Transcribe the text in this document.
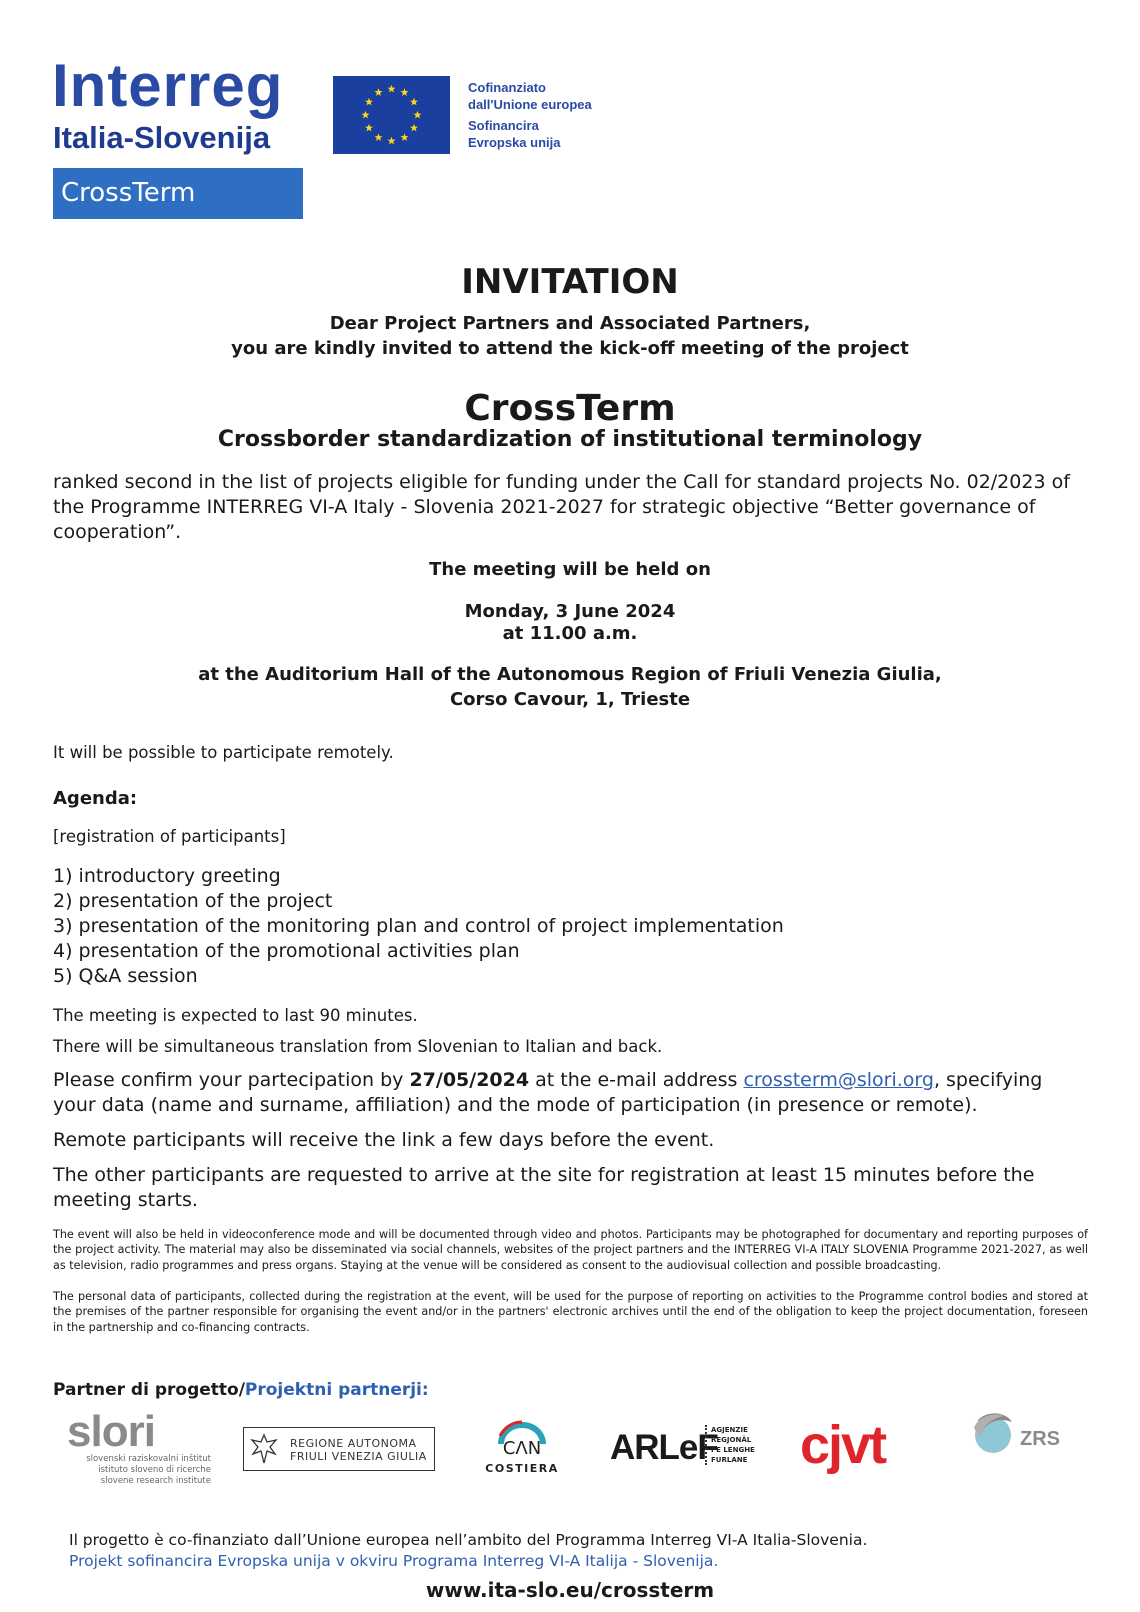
Interreg
Italia-Slovenija
CrossTerm
Cofinanziato
dall'Unione europea
Sofinancira
Evropska unija
INVITATION
Dear Project Partners and Associated Partners,
you are kindly invited to attend the kick-off meeting of the project
CrossTerm
Crossborder standardization of institutional terminology
ranked second in the list of projects eligible for funding under the Call for standard projects No. 02/2023 of the Programme INTERREG VI-A Italy - Slovenia 2021-2027 for strategic objective “Better governance of cooperation”.
The meeting will be held on
Monday, 3 June 2024
at 11.00 a.m.
at the Auditorium Hall of the Autonomous Region of Friuli Venezia Giulia,
Corso Cavour, 1, Trieste
It will be possible to participate remotely.
Agenda:
[registration of participants]
1) introductory greeting
2) presentation of the project
3) presentation of the monitoring plan and control of project implementation
4) presentation of the promotional activities plan
5) Q&A session
The meeting is expected to last 90 minutes.
There will be simultaneous translation from Slovenian to Italian and back.
Please confirm your partecipation by 27/05/2024 at the e-mail address crossterm@slori.org, specifying your data (name and surname, affiliation) and the mode of participation (in presence or remote).
Remote participants will receive the link a few days before the event.
The other participants are requested to arrive at the site for registration at least 15 minutes before the meeting starts.
The event will also be held in videoconference mode and will be documented through video and photos. Participants may be photographed for documentary and reporting purposes of the project activity. The material may also be disseminated via social channels, websites of the project partners and the INTERREG VI-A ITALY SLOVENIA Programme 2021-2027, as well as television, radio programmes and press organs. Staying at the venue will be considered as consent to the audiovisual collection and possible broadcasting.
The personal data of participants, collected during the registration at the event, will be used for the purpose of reporting on activities to the Programme control bodies and stored at the premises of the partner responsible for organising the event and/or in the partners' electronic archives until the end of the obligation to keep the project documentation, foreseen in the partnership and co-financing contracts.
Partner di progetto/Projektni partnerji:
slori
slovenski raziskovalni inštitut
istituto sloveno di ricerche
slovene research institute
REGIONE AUTONOMA
FRIULI VENEZIA GIULIA	CΛN
COSTIERA
ARLeF
AGJENZIE
REGJONÂL
PE LENGHE
FURLANE cjvt	ZRS
Il progetto è co-finanziato dall’Unione europea nell’ambito del Programma Interreg VI-A Italia-Slovenia.
Projekt sofinancira Evropska unija v okviru Programa Interreg VI-A Italija - Slovenija.
www.ita-slo.eu/crossterm
